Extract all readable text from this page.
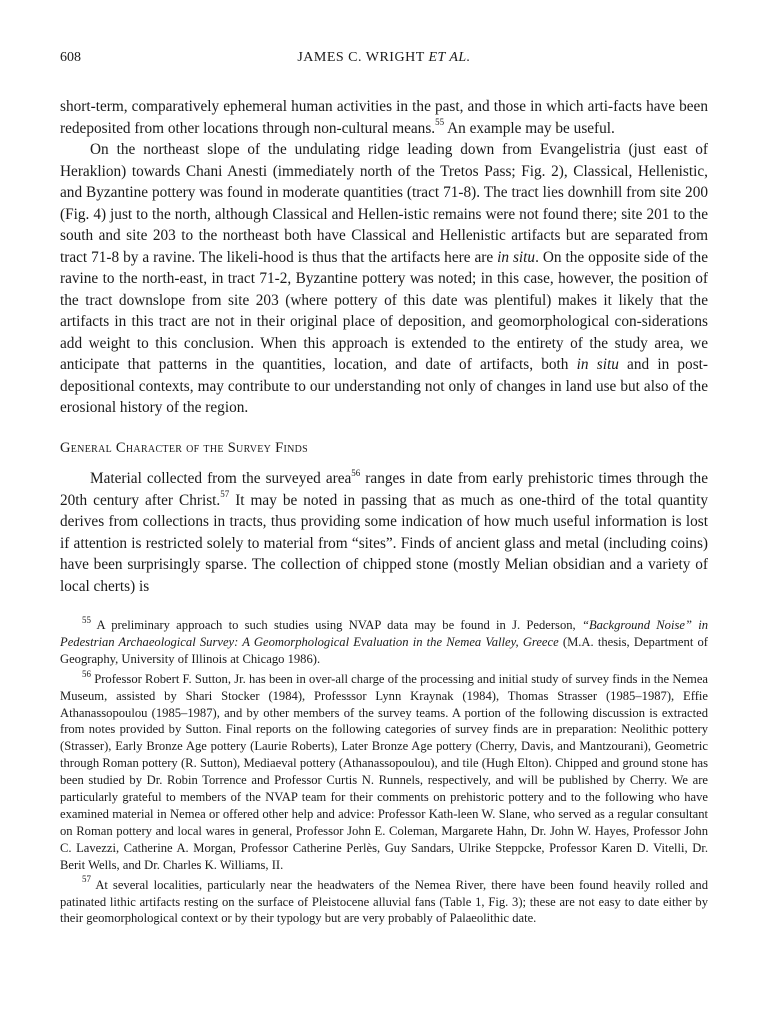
608	JAMES C. WRIGHT ET AL.

short-term, comparatively ephemeral human activities in the past, and those in which arti-facts have been redeposited from other locations through non-cultural means.$^{55}$ An example may be useful.

On the northeast slope of the undulating ridge leading down from Evangelistria (just east of Heraklion) towards Chani Anesti (immediately north of the Tretos Pass; Fig. 2), Classical, Hellenistic, and Byzantine pottery was found in moderate quantities (tract 71-8). The tract lies downhill from site 200 (Fig. 4) just to the north, although Classical and Hellen-istic remains were not found there; site 201 to the south and site 203 to the northeast both have Classical and Hellenistic artifacts but are separated from tract 71-8 by a ravine. The likeli-hood is thus that the artifacts here are in situ. On the opposite side of the ravine to the north-east, in tract 71-2, Byzantine pottery was noted; in this case, however, the position of the tract downslope from site 203 (where pottery of this date was plentiful) makes it likely that the artifacts in this tract are not in their original place of deposition, and geomorphological con-siderations add weight to this conclusion. When this approach is extended to the entirety of the study area, we anticipate that patterns in the quantities, location, and date of artifacts, both in situ and in post-depositional contexts, may contribute to our understanding not only of changes in land use but also of the erosional history of the region.

General Character of the Survey Finds

Material collected from the surveyed area$^{56}$ ranges in date from early prehistoric times through the 20th century after Christ.$^{57}$ It may be noted in passing that as much as one-third of the total quantity derives from collections in tracts, thus providing some indication of how much useful information is lost if attention is restricted solely to material from “sites”. Finds of ancient glass and metal (including coins) have been surprisingly sparse. The collection of chipped stone (mostly Melian obsidian and a variety of local cherts) is

$^{55}$ A preliminary approach to such studies using NVAP data may be found in J. Pederson, “Background Noise” in Pedestrian Archaeological Survey: A Geomorphological Evaluation in the Nemea Valley, Greece (M.A. thesis, Department of Geography, University of Illinois at Chicago 1986).

$^{56}$ Professor Robert F. Sutton, Jr. has been in over-all charge of the processing and initial study of survey finds in the Nemea Museum, assisted by Shari Stocker (1984), Professsor Lynn Kraynak (1984), Thomas Strasser (1985–1987), Effie Athanassopoulou (1985–1987), and by other members of the survey teams. A portion of the following discussion is extracted from notes provided by Sutton. Final reports on the following categories of survey finds are in preparation: Neolithic pottery (Strasser), Early Bronze Age pottery (Laurie Roberts), Later Bronze Age pottery (Cherry, Davis, and Mantzourani), Geometric through Roman pottery (R. Sutton), Mediaeval pottery (Athanassopoulou), and tile (Hugh Elton). Chipped and ground stone has been studied by Dr. Robin Torrence and Professor Curtis N. Runnels, respectively, and will be published by Cherry. We are particularly grateful to members of the NVAP team for their comments on prehistoric pottery and to the following who have examined material in Nemea or offered other help and advice: Professor Kath-leen W. Slane, who served as a regular consultant on Roman pottery and local wares in general, Professor John E. Coleman, Margarete Hahn, Dr. John W. Hayes, Professor John C. Lavezzi, Catherine A. Morgan, Professor Catherine Perlès, Guy Sandars, Ulrike Steppcke, Professor Karen D. Vitelli, Dr. Berit Wells, and Dr. Charles K. Williams, II.

$^{57}$ At several localities, particularly near the headwaters of the Nemea River, there have been found heavily rolled and patinated lithic artifacts resting on the surface of Pleistocene alluvial fans (Table 1, Fig. 3); these are not easy to date either by their geomorphological context or by their typology but are very probably of Palaeolithic date.
